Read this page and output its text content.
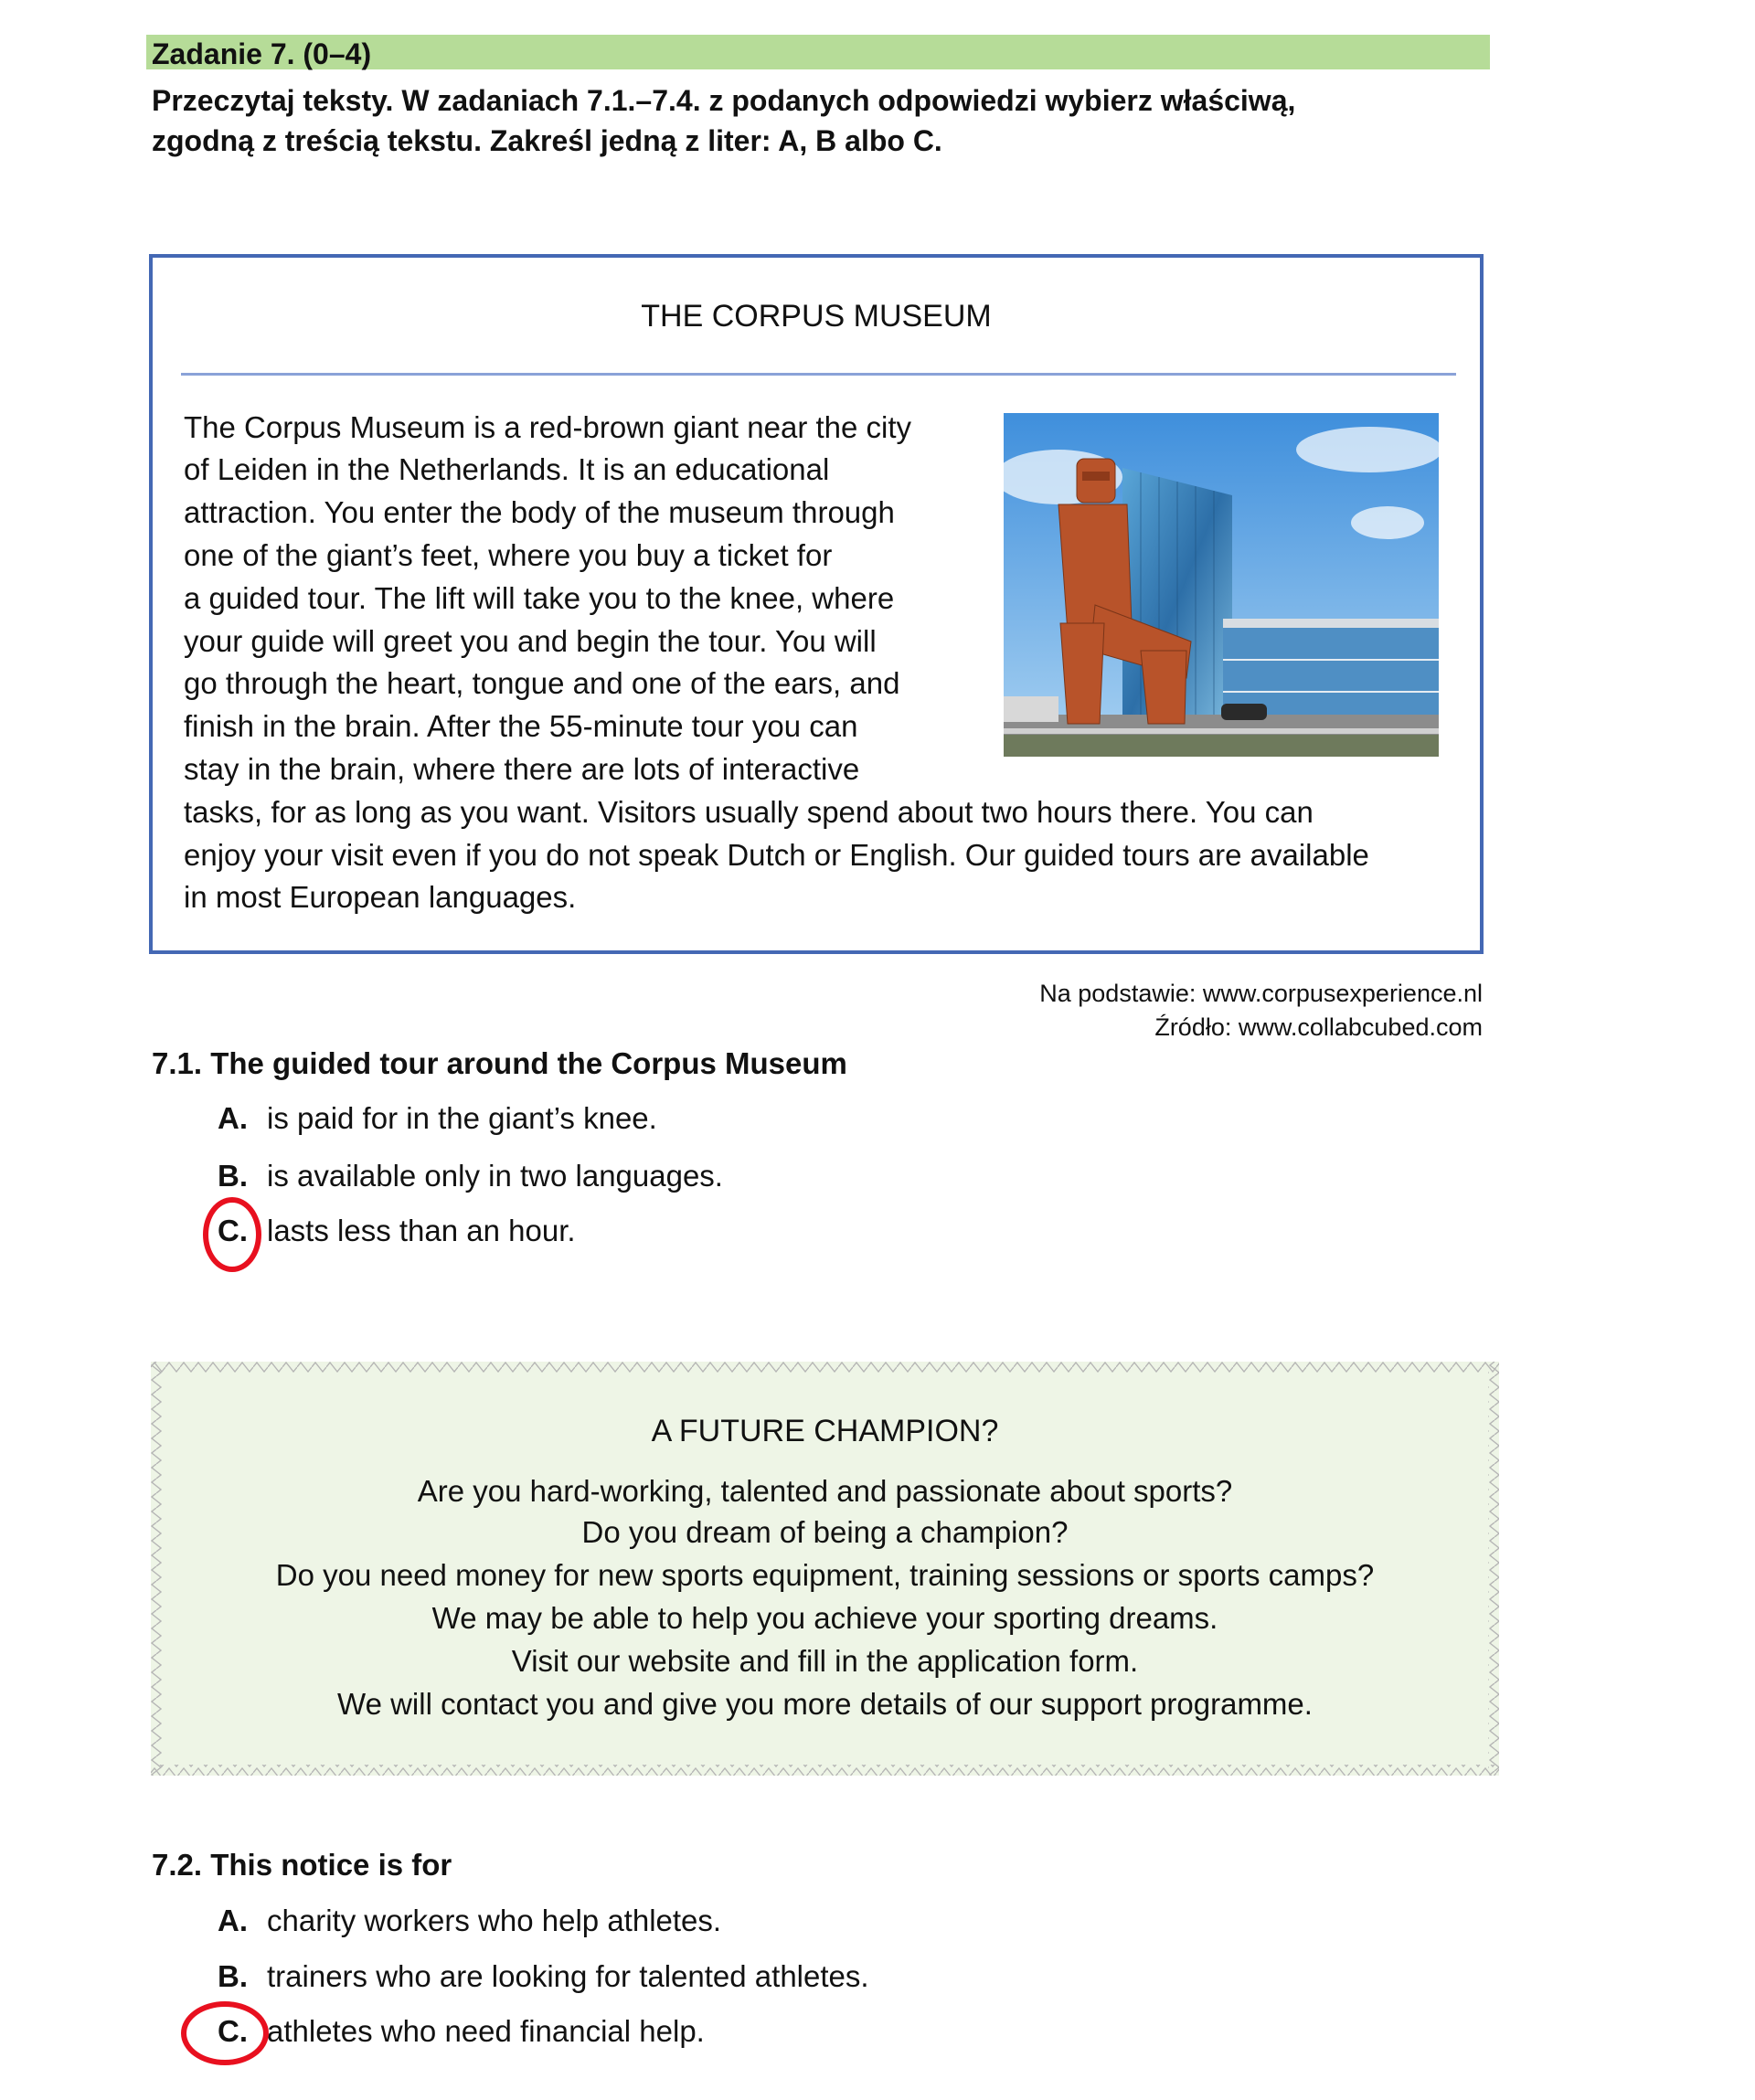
Zadanie 7. (0–4)
Przeczytaj teksty. W zadaniach 7.1.–7.4. z podanych odpowiedzi wybierz właściwą,
zgodną z treścią tekstu. Zakreśl jedną z liter: A, B albo C.
THE CORPUS MUSEUM
The Corpus Museum is a red-brown giant near the city
of Leiden in the Netherlands. It is an educational
attraction. You enter the body of the museum through
one of the giant’s feet, where you buy a ticket for
a guided tour. The lift will take you to the knee, where
your guide will greet you and begin the tour. You will
go through the heart, tongue and one of the ears, and
finish in the brain. After the 55-minute tour you can
stay in the brain, where there are lots of interactive
tasks, for as long as you want. Visitors usually spend about two hours there. You can
enjoy your visit even if you do not speak Dutch or English. Our guided tours are available
in most European languages.
Na podstawie: www.corpusexperience.nl
Źródło: www.collabcubed.com
7.1. The guided tour around the Corpus Museum
A. is paid for in the giant’s knee.
B. is available only in two languages.
C. lasts less than an hour.
A FUTURE CHAMPION?
Are you hard-working, talented and passionate about sports?
Do you dream of being a champion?
Do you need money for new sports equipment, training sessions or sports camps?
We may be able to help you achieve your sporting dreams.
Visit our website and fill in the application form.
We will contact you and give you more details of our support programme.
7.2. This notice is for
A. charity workers who help athletes.
B. trainers who are looking for talented athletes.
C. athletes who need financial help.
